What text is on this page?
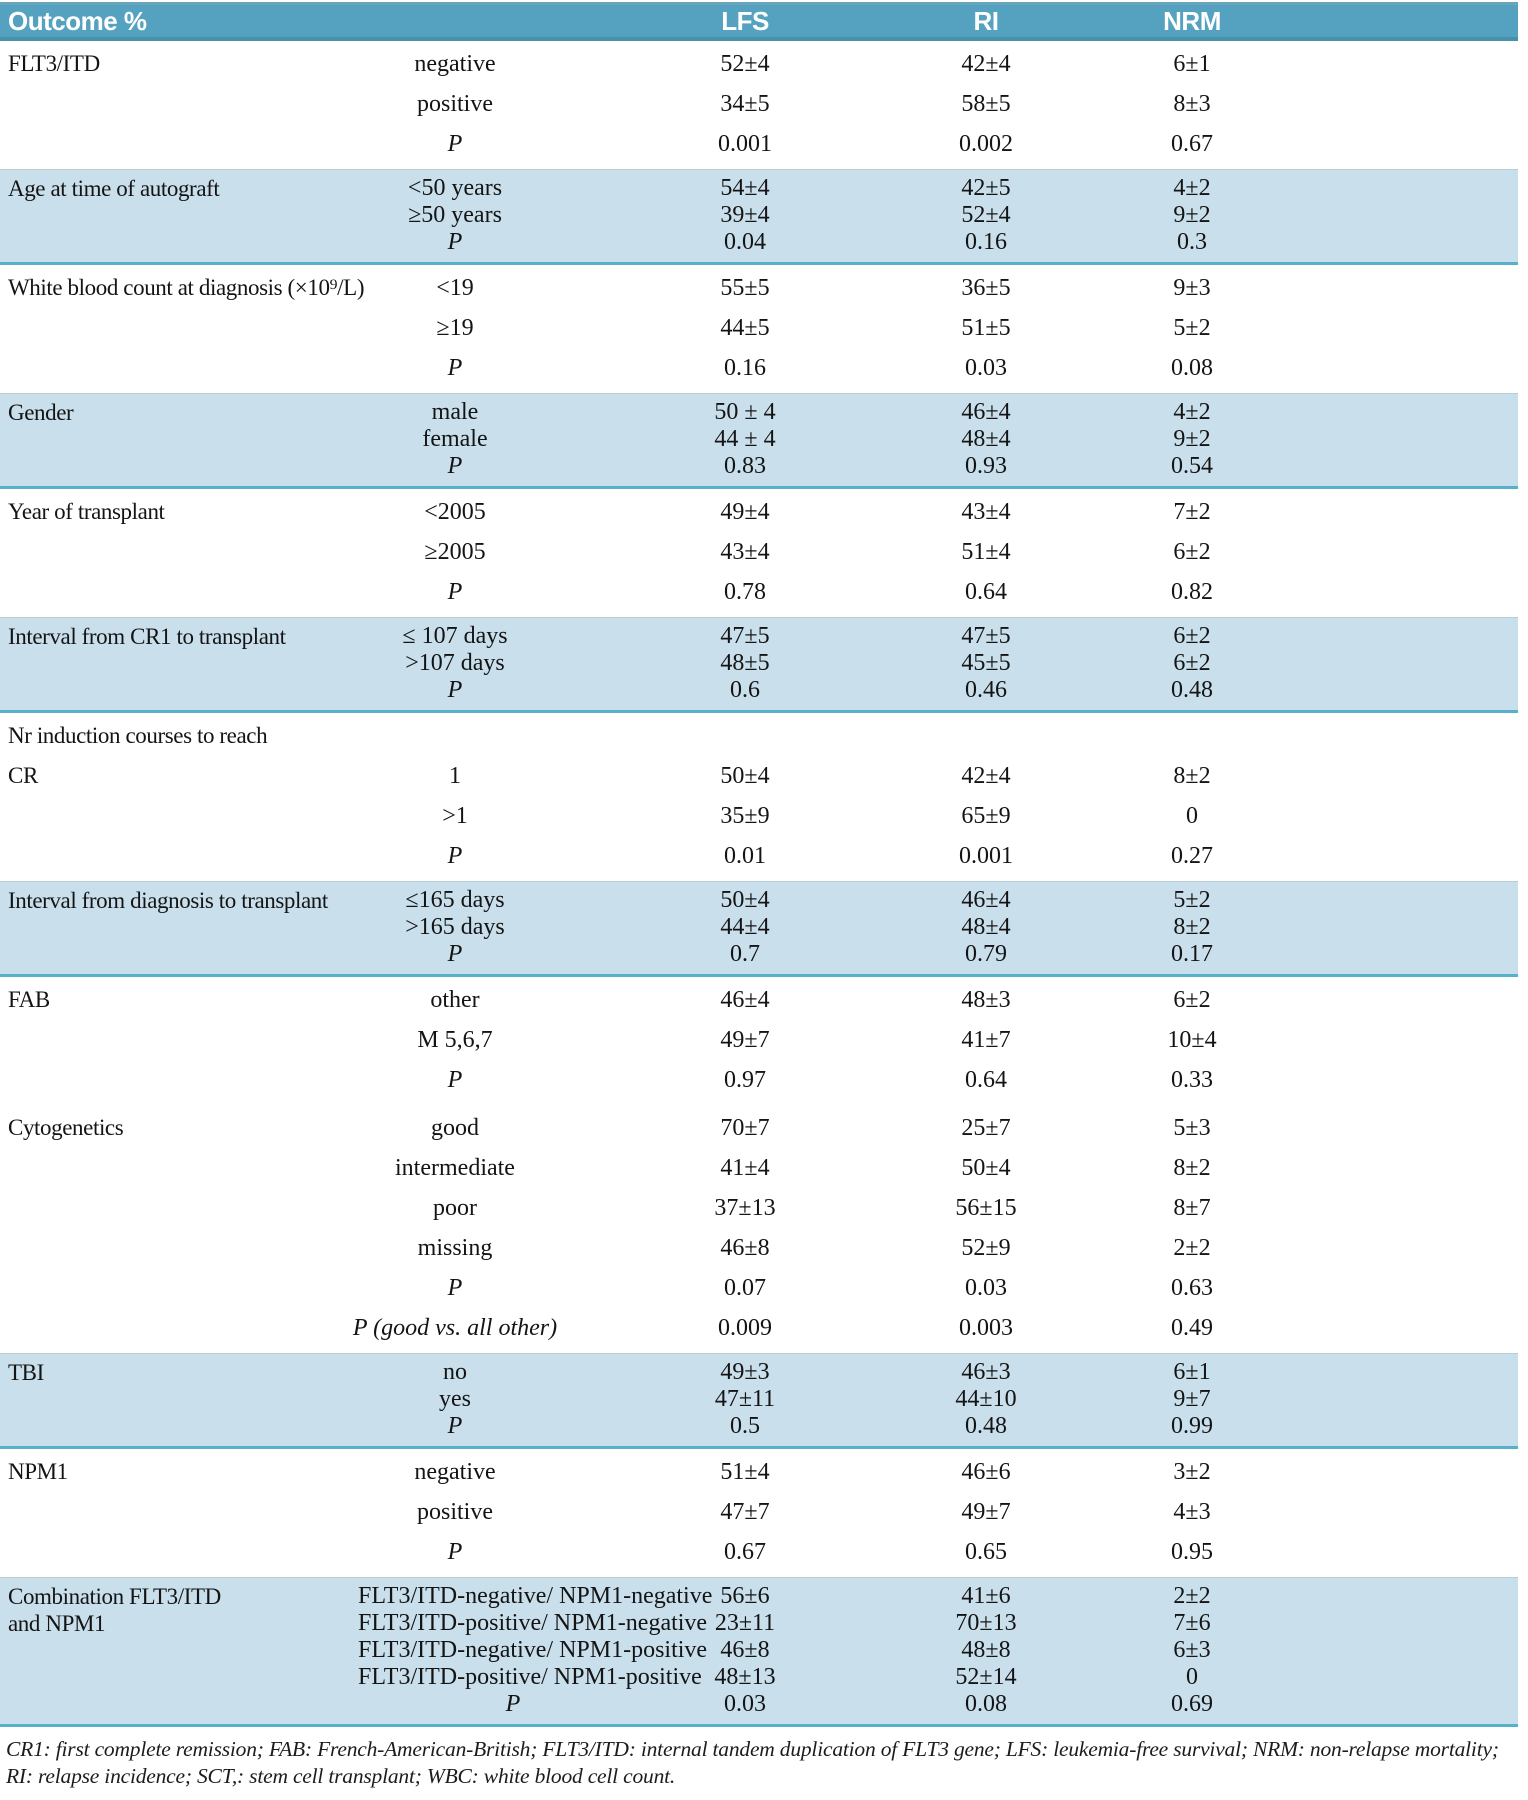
Outcome %	LFS	RI	NRM
FLT3/ITD	negative	52±4	42±4	6±1
positive	34±5	58±5	8±3
P	0.001	0.002	0.67
Age at time of autograft	<50 years	54±4	42±5	4±2
≥50 years	39±4	52±4	9±2
P	0.04	0.16	0.3
White blood count at diagnosis (×10⁹/L)	<19	55±5	36±5	9±3
≥19	44±5	51±5	5±2
P	0.16	0.03	0.08
Gender	male	50 ± 4	46±4	4±2
female	44 ± 4	48±4	9±2
P	0.83	0.93	0.54
Year of transplant	<2005	49±4	43±4	7±2
≥2005	43±4	51±4	6±2
P	0.78	0.64	0.82
Interval from CR1 to transplant	≤ 107 days	47±5	47±5	6±2
>107 days	48±5	45±5	6±2
P	0.6	0.46	0.48
Nr induction courses to reach
CR	1	50±4	42±4	8±2
>1	35±9	65±9	0
P	0.01	0.001	0.27
Interval from diagnosis to transplant	≤165 days	50±4	46±4	5±2
>165 days	44±4	48±4	8±2
P	0.7	0.79	0.17
FAB	other	46±4	48±3	6±2
M 5,6,7	49±7	41±7	10±4
P	0.97	0.64	0.33
Cytogenetics	good	70±7	25±7	5±3
intermediate	41±4	50±4	8±2
poor	37±13	56±15	8±7
missing	46±8	52±9	2±2
P	0.07	0.03	0.63
P (good vs. all other)	0.009	0.003	0.49
TBI	no	49±3	46±3	6±1
yes	47±11	44±10	9±7
P	0.5	0.48	0.99
NPM1	negative	51±4	46±6	3±2
positive	47±7	49±7	4±3
P	0.67	0.65	0.95
Combination FLT3/ITD	FLT3/ITD-negative/ NPM1-negative 56±6	41±6	2±2
and NPM1	FLT3/ITD-positive/ NPM1-negative 23±11	70±13	7±6
FLT3/ITD-negative/ NPM1-positive 46±8	48±8	6±3
FLT3/ITD-positive/ NPM1-positive 48±13	52±14	0
P	0.03	0.08	0.69
CR1: first complete remission; FAB: French-American-British; FLT3/ITD: internal tandem duplication of FLT3 gene; LFS: leukemia-free survival; NRM: non-relapse mortality; RI: relapse incidence; SCT,: stem cell transplant; WBC: white blood cell count.
